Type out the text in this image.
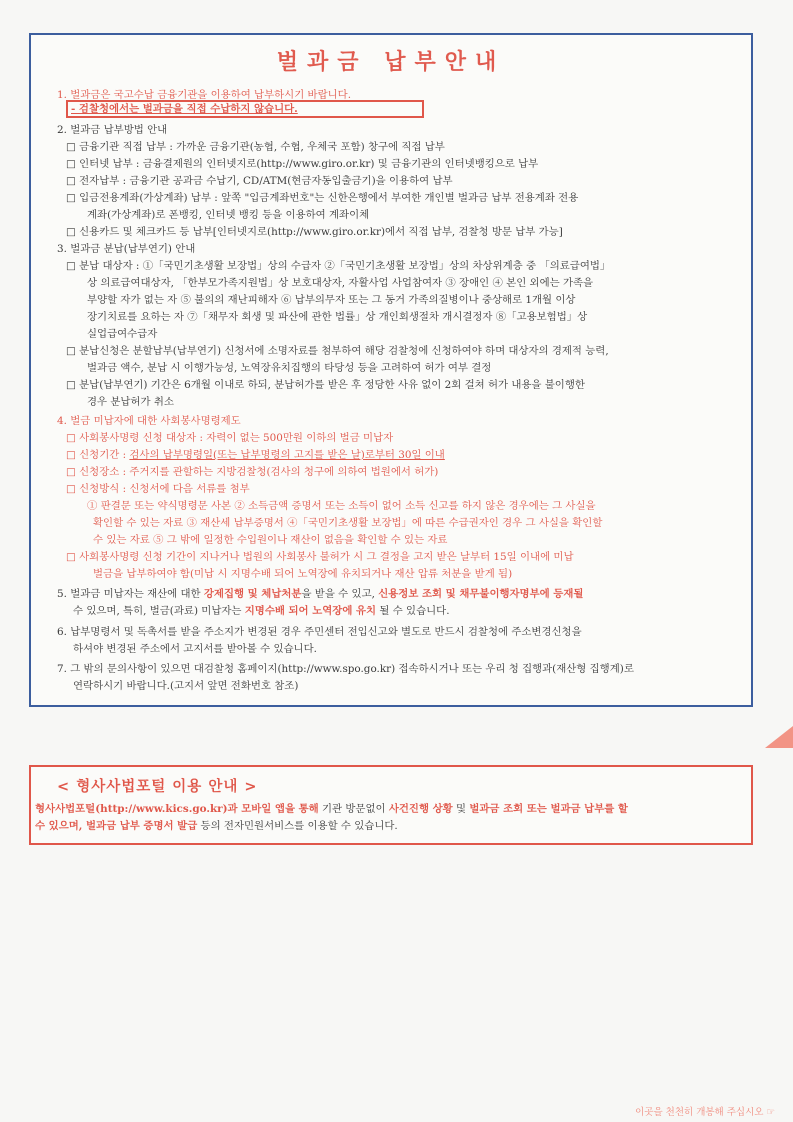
벌과금 납부안내
1. 벌과금은 국고수납 금융기관을 이용하여 납부하시기 바랍니다.
- 검찰청에서는 벌과금을 직접 수납하지 않습니다.
2. 벌과금 납부방법 안내
□ 금융기관 직접 납부 : 가까운 금융기관(농협, 수협, 우체국 포함) 창구에 직접 납부
□ 인터넷 납부 : 금융결제원의 인터넷지로(http://www.giro.or.kr) 및 금융기관의 인터넷뱅킹으로 납부
□ 전자납부 : 금융기관 공과금 수납기, CD/ATM(현금자동입출금기)을 이용하여 납부
□ 입금전용계좌(가상계좌) 납부 : 앞쪽 "입금계좌번호"는 신한은행에서 부여한 개인별 벌과금 납부 전용계좌 전용
계좌(가상계좌)로 폰뱅킹, 인터넷 뱅킹 등을 이용하여 계좌이체
□ 신용카드 및 체크카드 등 납부[인터넷지로(http://www.giro.or.kr)에서 직접 납부, 검찰청 방문 납부 가능]
3. 벌과금 분납(납부연기) 안내
□ 분납 대상자 : ①「국민기초생활 보장법」상의 수급자 ②「국민기초생활 보장법」상의 차상위계층 중 「의료급여법」
상 의료급여대상자, 「한부모가족지원법」상 보호대상자, 자활사업 사업참여자 ③ 장애인 ④ 본인 외에는 가족을
부양할 자가 없는 자 ⑤ 불의의 재난피해자 ⑥ 납부의무자 또는 그 동거 가족의질병이나 중상해로 1개월 이상
장기치료를 요하는 자 ⑦「채무자 회생 및 파산에 관한 법률」상 개인회생절차 개시결정자 ⑧「고용보험법」상
실업급여수급자
□ 분납신청은 분할납부(납부연기) 신청서에 소명자료를 첨부하여 해당 검찰청에 신청하여야 하며 대상자의 경제적 능력,
벌과금 액수, 분납 시 이행가능성, 노역장유치집행의 타당성 등을 고려하여 허가 여부 결정
□ 분납(납부연기) 기간은 6개월 이내로 하되, 분납허가를 받은 후 정당한 사유 없이 2회 걸쳐 허가 내용을 불이행한
경우 분납허가 취소
4. 벌금 미납자에 대한 사회봉사명령제도
□ 사회봉사명령 신청 대상자 : 자력이 없는 500만원 이하의 벌금 미납자
□ 신청기간 : 검사의 납부명령일(또는 납부명령의 고지를 받은 날)로부터 30일 이내
□ 신청장소 : 주거지를 관할하는 지방검찰청(검사의 청구에 의하여 법원에서 허가)
□ 신청방식 : 신청서에 다음 서류를 첨부
① 판결문 또는 약식명령문 사본 ② 소득금액 증명서 또는 소득이 없어 소득 신고를 하지 않은 경우에는 그 사실을
확인할 수 있는 자료 ③ 재산세 납부증명서 ④「국민기초생활 보장법」에 따른 수급권자인 경우 그 사실을 확인할
수 있는 자료 ⑤ 그 밖에 일정한 수입원이나 재산이 없음을 확인할 수 있는 자료
□ 사회봉사명령 신청 기간이 지나거나 법원의 사회봉사 불허가 시 그 결정을 고지 받은 날부터 15일 이내에 미납
벌금을 납부하여야 함(미납 시 지명수배 되어 노역장에 유치되거나 재산 압류 처분을 받게 됨)
5. 벌과금 미납자는 재산에 대한 강제집행 및 체납처분을 받을 수 있고, 신용정보 조회 및 채무불이행자명부에 등재될
수 있으며, 특히, 벌금(과료) 미납자는 지명수배 되어 노역장에 유치 될 수 있습니다.
6. 납부명령서 및 독촉서를 받을 주소지가 변경된 경우 주민센터 전입신고와 별도로 반드시 검찰청에 주소변경신청을
하셔야 변경된 주소에서 고지서를 받아볼 수 있습니다.
7. 그 밖의 문의사항이 있으면 대검찰청 홈페이지(http://www.spo.go.kr) 접속하시거나 또는 우리 청 집행과(재산형 집행계)로
연락하시기 바랍니다.(고지서 앞면 전화번호 참조)
< 형사사법포털 이용 안내 >
형사사법포털(http://www.kics.go.kr)과 모바일 앱을 통해 기관 방문없이 사건진행 상황 및 벌과금 조회 또는 벌과금 납부를 할
수 있으며, 벌과금 납부 증명서 발급 등의 전자민원서비스를 이용할 수 있습니다.
이곳을 천천히 개봉해 주십시오 ☞
